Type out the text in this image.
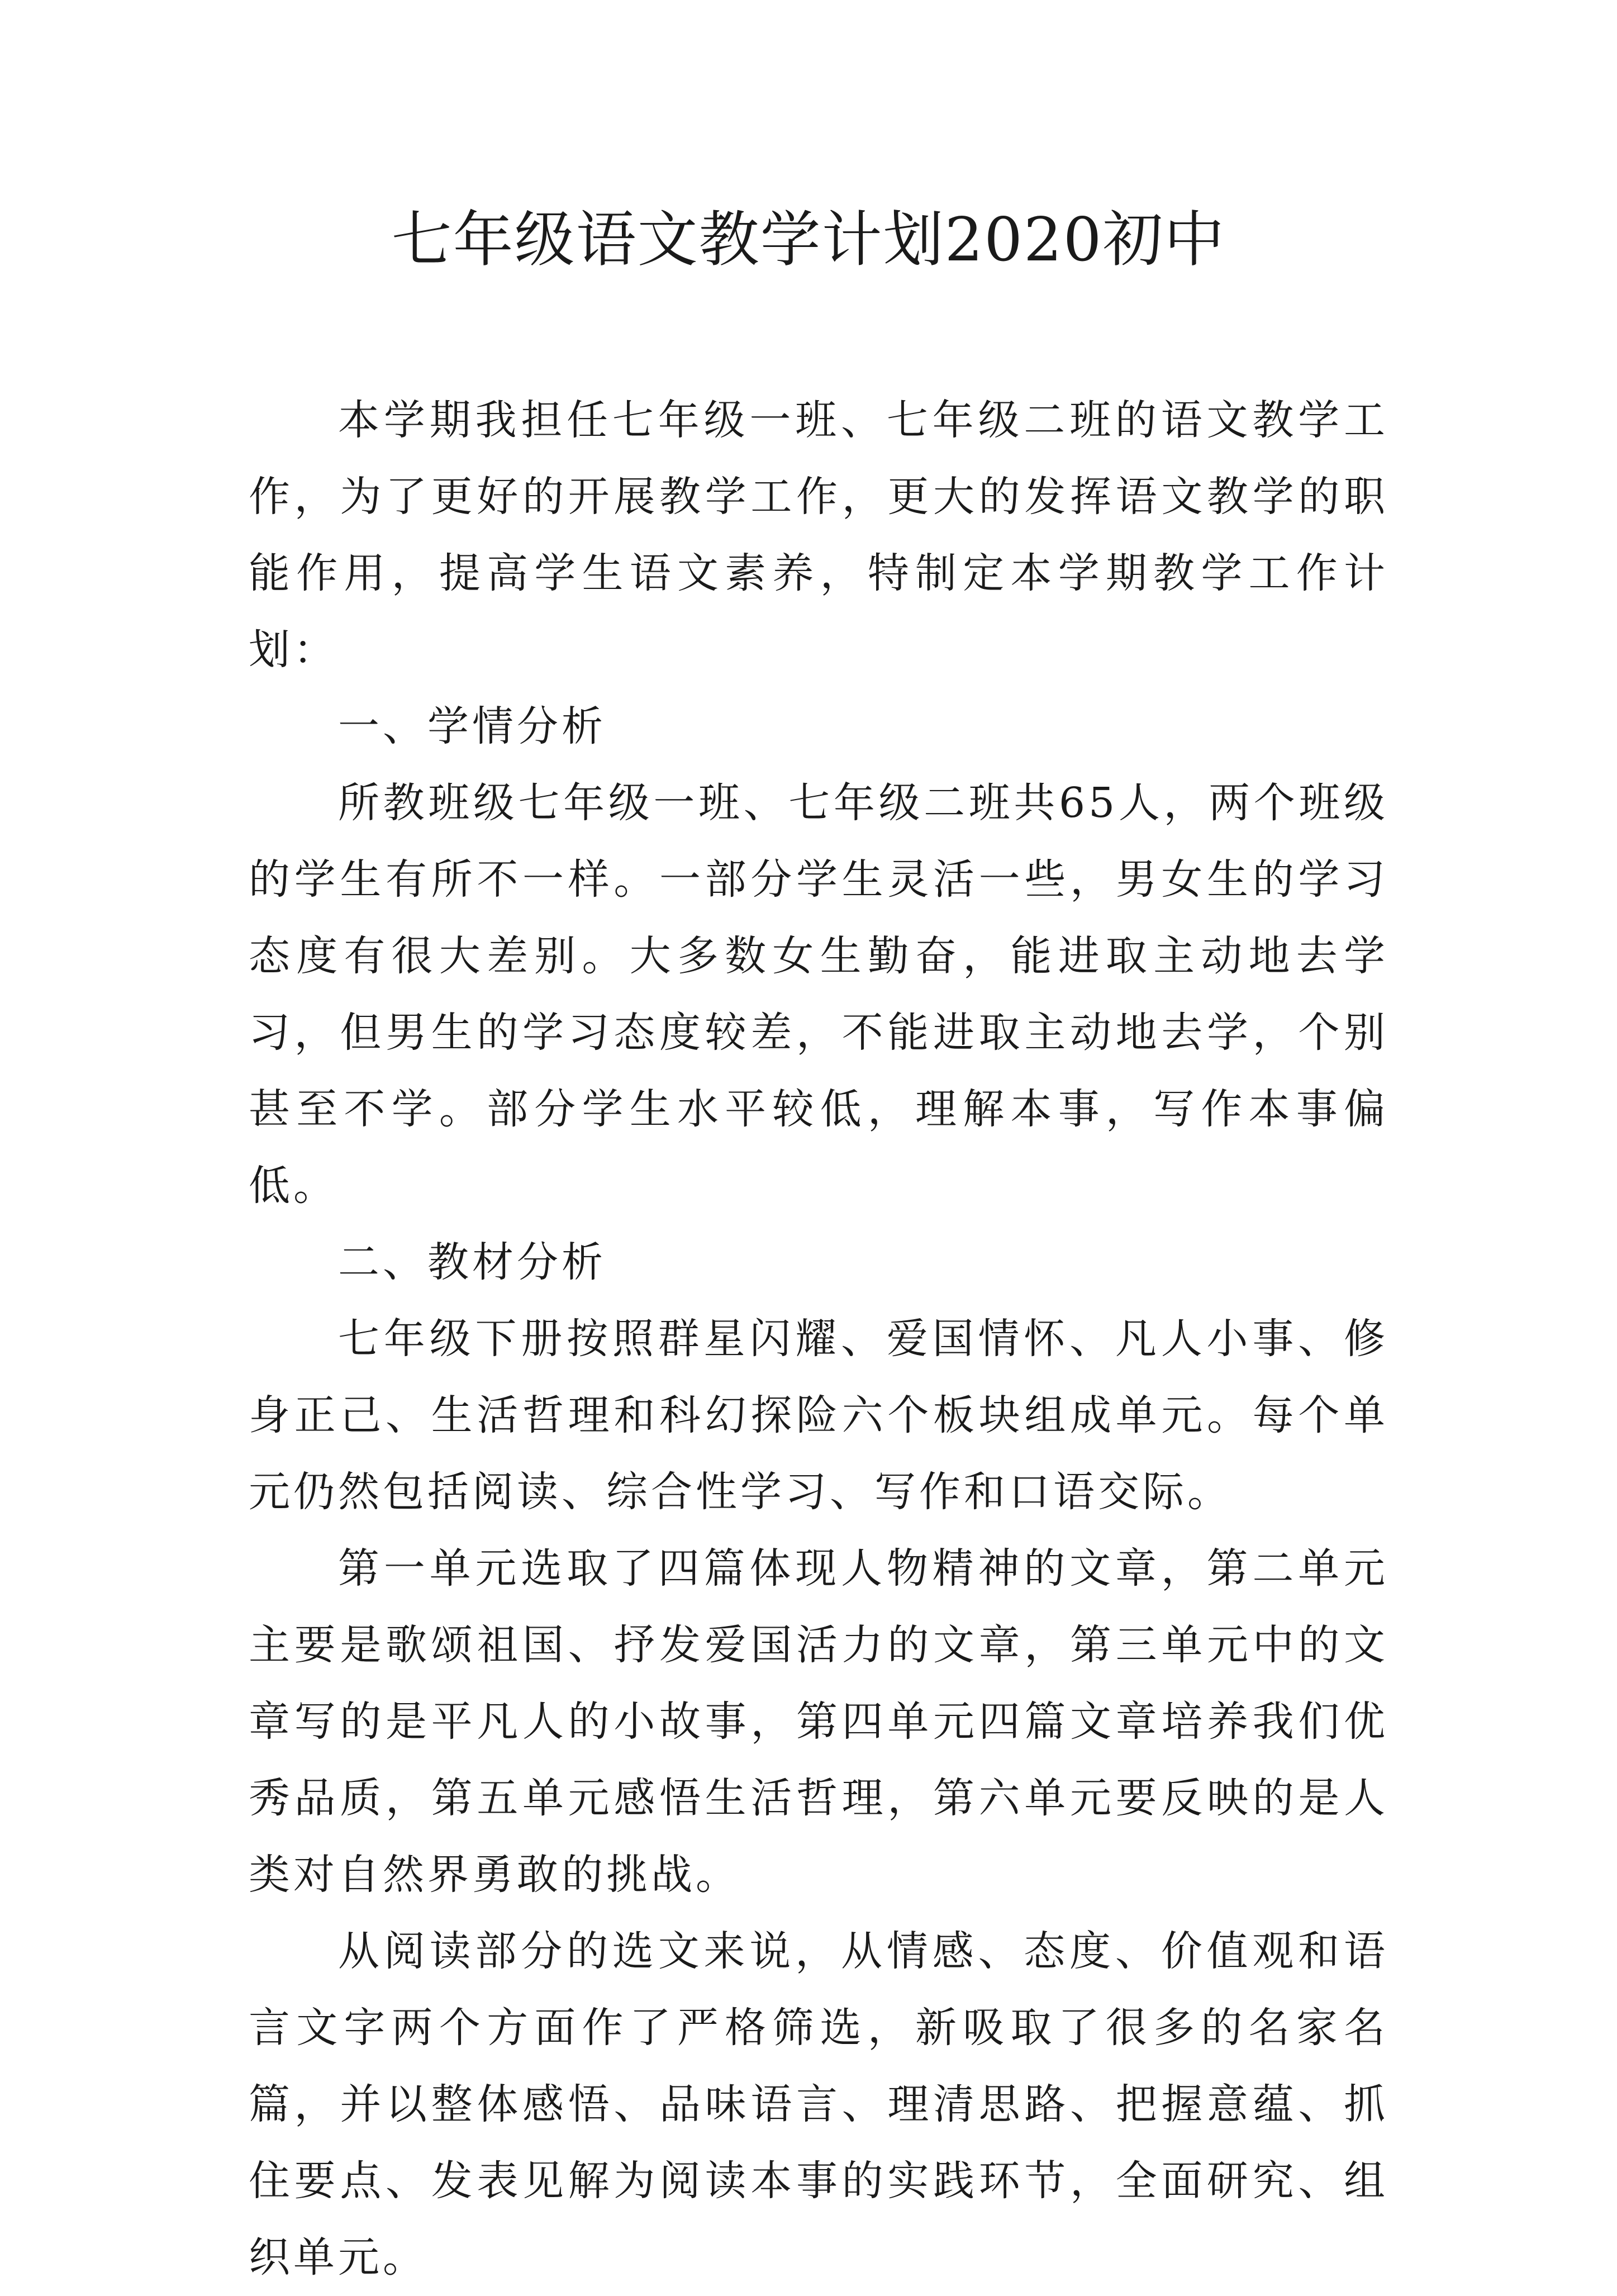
七年级语文教学计划2020初中

本学期我担任七年级一班、七年级二班的语文教学工作，为了更好的开展教学工作，更大的发挥语文教学的职能作用，提高学生语文素养，特制定本学期教学工作计划：

一、学情分析

所教班级七年级一班、七年级二班共65人，两个班级的学生有所不一样。一部分学生灵活一些，男女生的学习态度有很大差别。大多数女生勤奋，能进取主动地去学习，但男生的学习态度较差，不能进取主动地去学，个别甚至不学。部分学生水平较低，理解本事，写作本事偏低。

二、教材分析

七年级下册按照群星闪耀、爱国情怀、凡人小事、修身正己、生活哲理和科幻探险六个板块组成单元。每个单元仍然包括阅读、综合性学习、写作和口语交际。

第一单元选取了四篇体现人物精神的文章，第二单元主要是歌颂祖国、抒发爱国活力的文章，第三单元中的文章写的是平凡人的小故事，第四单元四篇文章培养我们优秀品质，第五单元感悟生活哲理，第六单元要反映的是人类对自然界勇敢的挑战。

从阅读部分的选文来说，从情感、态度、价值观和语言文字两个方面作了严格筛选，新吸取了很多的名家名篇，并以整体感悟、品味语言、理清思路、把握意蕴、抓住要点、发表见解为阅读本事的实践环节，全面研究、组织单元。
